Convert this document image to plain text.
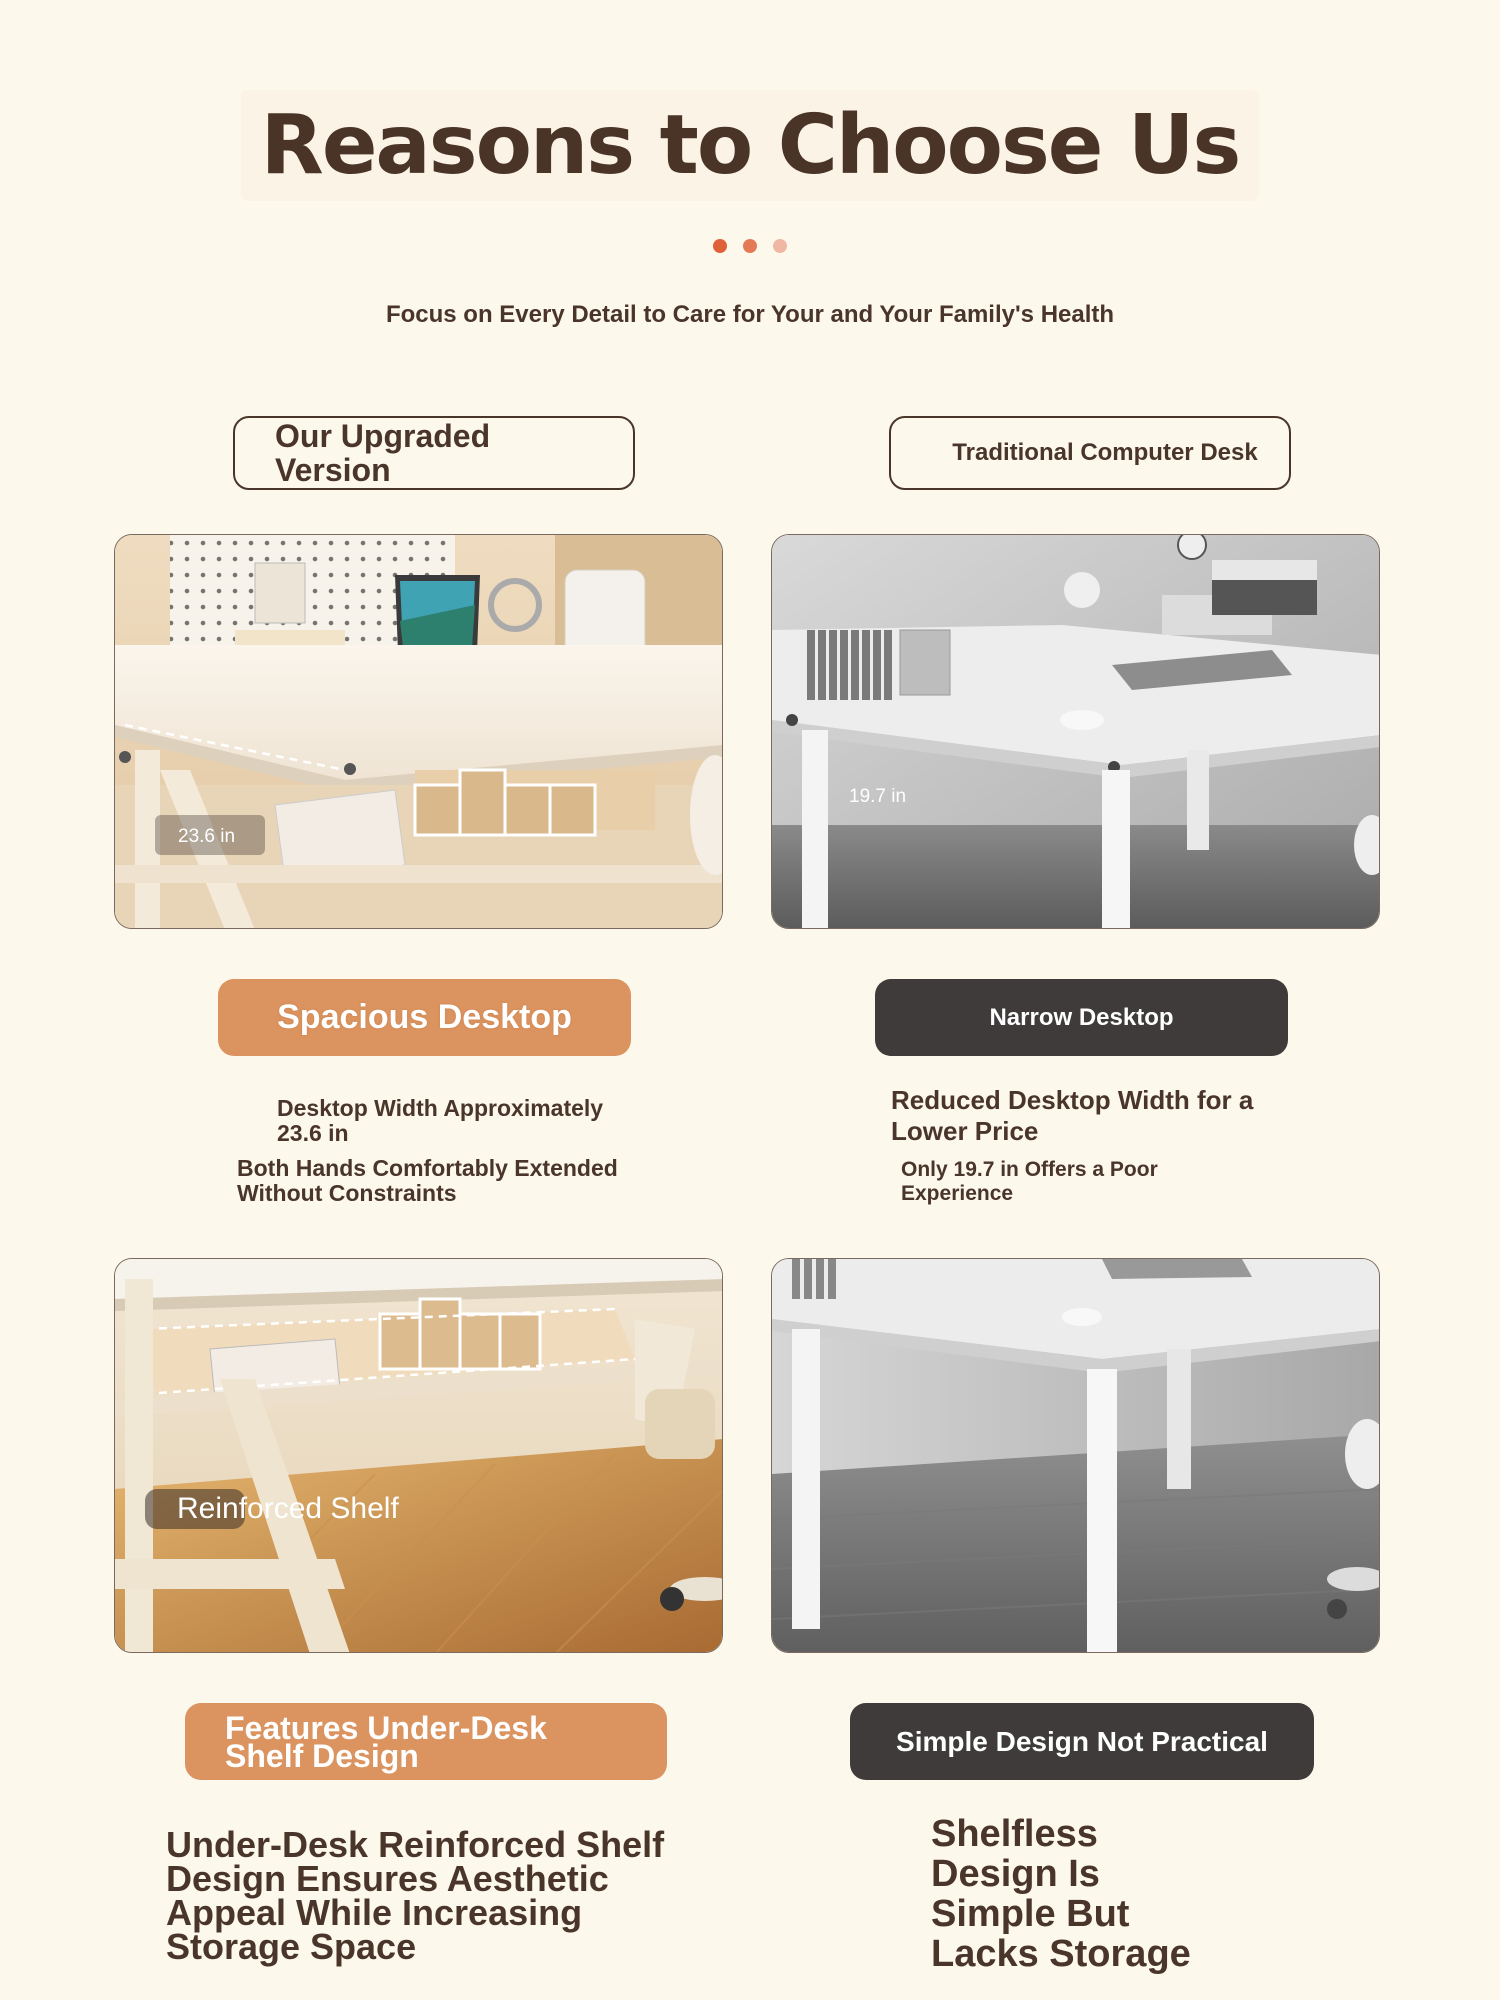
Reasons to Choose Us
Focus on Every Detail to Care for Your and Your Family's Health
Our Upgraded Version	Traditional Computer Desk
23.6 in
19.7 in
Spacious Desktop	Narrow Desktop
Desktop Width Approximately 23.6 in
Both Hands Comfortably Extended Without Constraints
Reduced Desktop Width for a Lower Price
Only 19.7 in Offers a Poor Experience
Reinforced Shelf
Features Under-Desk Shelf Design	Simple Design Not Practical
Under-Desk Reinforced Shelf Design Ensures Aesthetic Appeal While Increasing Storage Space
Shelfless Design Is Simple But Lacks Storage
